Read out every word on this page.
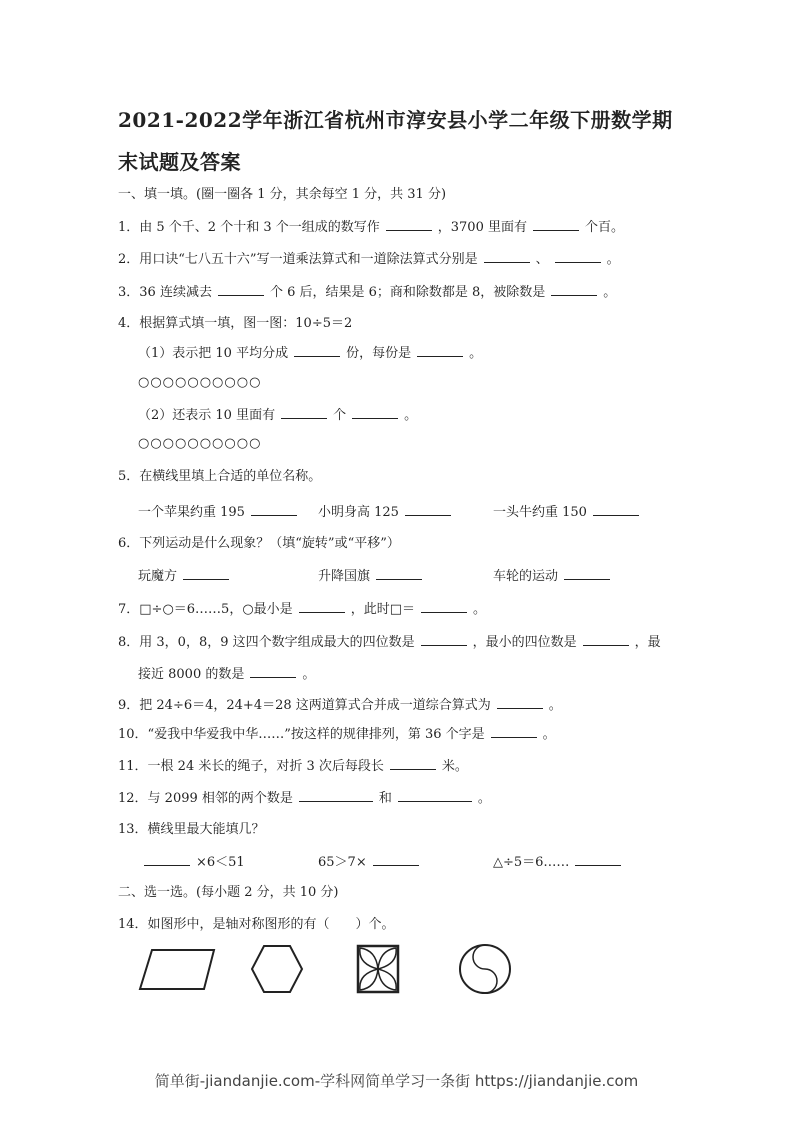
2021-2022学年浙江省杭州市淳安县小学二年级下册数学期
末试题及答案
一、填一填。(圈一圈各 1 分，其余每空 1 分，共 31 分)
1．由 5 个千、2 个十和 3 个一组成的数写作	，3700 里面有	个百。
2．用口诀“七八五十六”写一道乘法算式和一道除法算式分别是	、	。
3．36 连续减去	个 6 后，结果是 6；商和除数都是 8，被除数是	。
4．根据算式填一填，图一图：10÷5＝2
（1）表示把 10 平均分成	份，每份是	。
○○○○○○○○○○
（2）还表示 10 里面有	个	。
○○○○○○○○○○
5．在横线里填上合适的单位名称。
一个苹果约重 195	小明身高 125	一头牛约重 150
6．下列运动是什么现象？（填“旋转”或“平移”）
玩魔方	升降国旗	车轮的运动
7．□÷○＝6……5，○最小是	，此时□＝	。
8．用 3，0，8，9 这四个数字组成最大的四位数是	，最小的四位数是	，最
接近 8000 的数是	。
9．把 24÷6＝4，24+4＝28 这两道算式合并成一道综合算式为	。
10．“爱我中华爱我中华……”按这样的规律排列，第 36 个字是	。
11．一根 24 米长的绳子，对折 3 次后每段长	米。
12．与 2099 相邻的两个数是	和	。
13．横线里最大能填几？
×6＜51	65＞7×	△÷5＝6……
二、选一选。(每小题 2 分，共 10 分)
14．如图形中，是轴对称图形的有（　　）个。
简单街-jiandanjie.com-学科网简单学习一条街 https://jiandanjie.com
